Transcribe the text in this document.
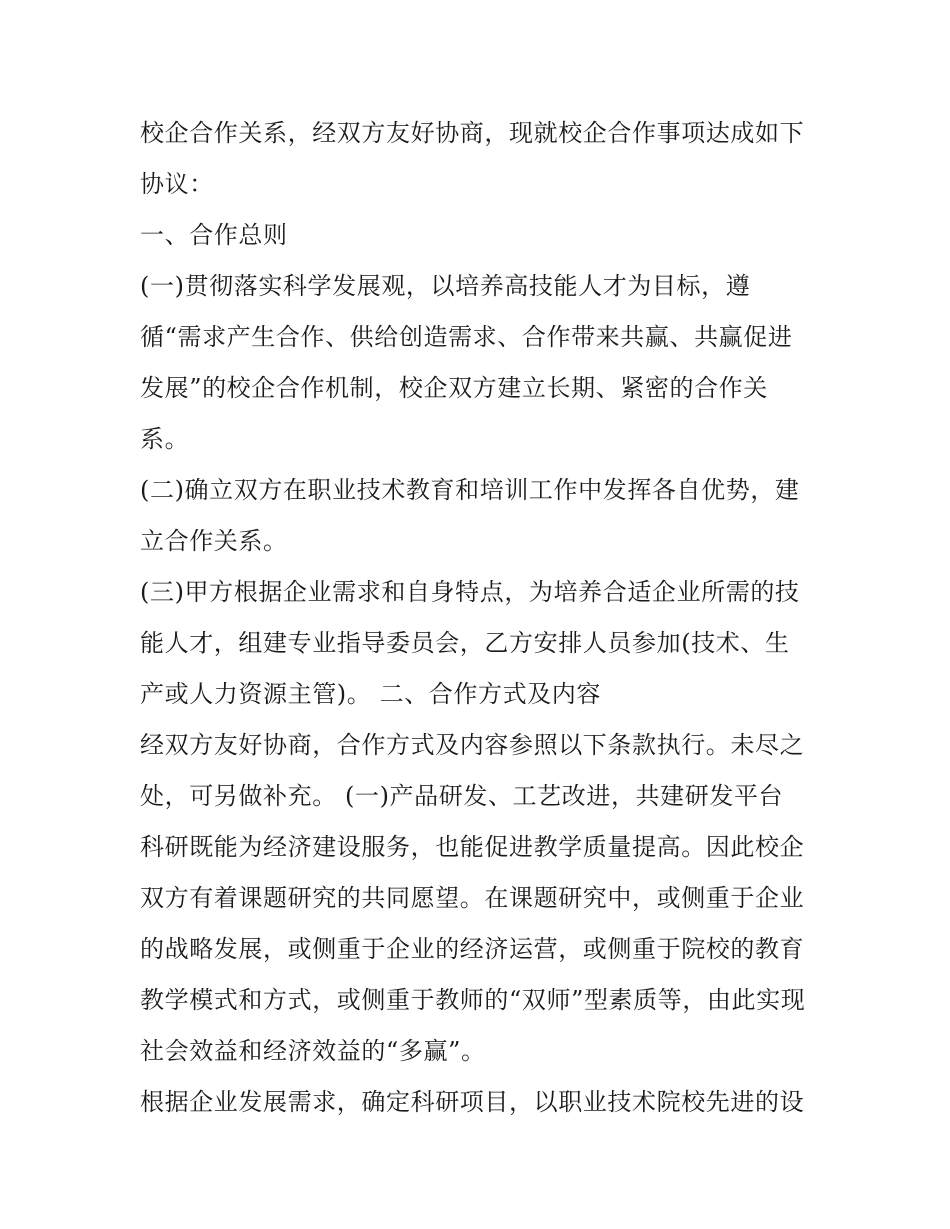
校企合作关系，经双方友好协商，现就校企合作事项达成如下
协议：
一、合作总则
(一)贯彻落实科学发展观，以培养高技能人才为目标，遵
循“需求产生合作、供给创造需求、合作带来共赢、共赢促进
发展”的校企合作机制，校企双方建立长期、紧密的合作关
系。
(二)确立双方在职业技术教育和培训工作中发挥各自优势，建
立合作关系。
(三)甲方根据企业需求和自身特点，为培养合适企业所需的技
能人才，组建专业指导委员会，乙方安排人员参加(技术、生
产或人力资源主管)。 二、合作方式及内容
经双方友好协商，合作方式及内容参照以下条款执行。未尽之
处，可另做补充。 (一)产品研发、工艺改进，共建研发平台
科研既能为经济建设服务，也能促进教学质量提高。因此校企
双方有着课题研究的共同愿望。在课题研究中，或侧重于企业
的战略发展，或侧重于企业的经济运营，或侧重于院校的教育
教学模式和方式，或侧重于教师的“双师”型素质等，由此实现
社会效益和经济效益的“多赢”。
根据企业发展需求，确定科研项目，以职业技术院校先进的设
